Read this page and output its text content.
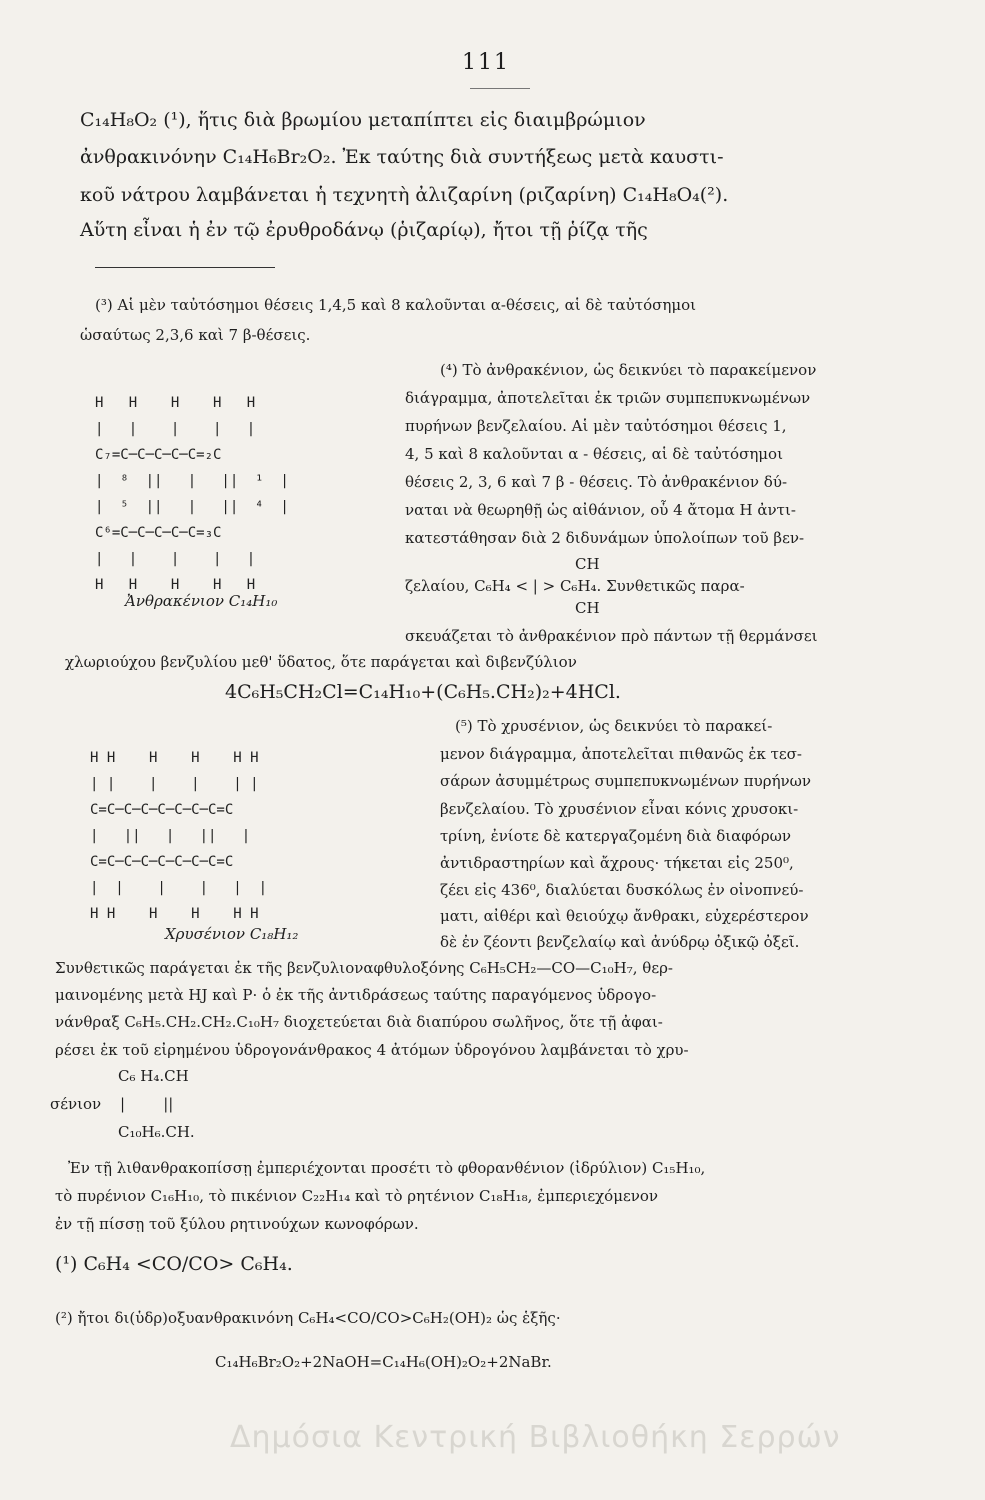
111
C₁₄H₈O₂ (¹), ἥτις διὰ βρωμίου μεταπίπτει εἰς διαιμβρώμιον
ἀνθρακινόνην C₁₄H₆Br₂O₂. Ἐκ ταύτης διὰ συντήξεως μετὰ καυστι-
κοῦ νάτρου λαμβάνεται ἡ τεχνητὴ ἀλιζαρίνη (ριζαρίνη) C₁₄H₈O₄(²).
Αὕτη εἶναι ἡ ἐν τῷ ἐρυθροδάνῳ (ῥιζαρίῳ), ἤτοι τῇ ῥίζᾳ τῆς
(³) Αἱ μὲν ταὐτόσημοι θέσεις 1,4,5 καὶ 8 καλοῦνται α-θέσεις, αἱ δὲ ταὐτόσημοι
ὡσαύτως 2,3,6 καὶ 7 β-θέσεις.
H   H    H    H   H
|   |    |    |   |
C₇=C─C─C─C─C=₂C
|  ⁸  ||   |   ||  ¹  |
|  ⁵  ||   |   ||  ⁴  |
C⁶=C─C─C─C─C=₃C
|   |    |    |   |
H   H    H    H   H
Ἀνθρακένιον C₁₄H₁₀
(⁴) Τὸ ἀνθρακένιον, ὡς δεικνύει τὸ παρακείμενον
διάγραμμα, ἀποτελεῖται ἐκ τριῶν συμπεπυκνωμένων
πυρήνων βενζελαίου. Αἱ μὲν ταὐτόσημοι θέσεις 1,
4, 5 καὶ 8 καλοῦνται α - θέσεις, αἱ δὲ ταὐτόσημοι
θέσεις 2, 3, 6 καὶ 7 β - θέσεις. Τὸ ἀνθρακένιον δύ-
ναται νὰ θεωρηθῇ ὡς αἰθάνιον, οὗ 4 ἄτομα H ἀντι-
κατεστάθησαν διὰ 2 διδυνάμων ὑπολοίπων τοῦ βεν-
CH
ζελαίου, C₆H₄ < | > C₆H₄. Συνθετικῶς παρα-
CH
σκευάζεται τὸ ἀνθρακένιον πρὸ πάντων τῇ θερμάνσει
χλωριούχου βενζυλίου μεθ' ὕδατος, ὅτε παράγεται καὶ διβενζύλιον
4C₆H₅CH₂Cl=C₁₄H₁₀+(C₆H₅.CH₂)₂+4HCl.
H H    H    H    H H
| |    |    |    | |
C=C─C─C─C─C─C─C=C
|   ||   |   ||   |
C=C─C─C─C─C─C─C=C
|  |    |    |   |  |
H H    H    H    H H
Χρυσένιον C₁₈H₁₂
(⁵) Τὸ χρυσένιον, ὡς δεικνύει τὸ παρακεί-
μενον διάγραμμα, ἀποτελεῖται πιθανῶς ἐκ τεσ-
σάρων ἀσυμμέτρως συμπεπυκνωμένων πυρήνων
βενζελαίου. Τὸ χρυσένιον εἶναι κόνις χρυσοκι-
τρίνη, ἐνίοτε δὲ κατεργαζομένη διὰ διαφόρων
ἀντιδραστηρίων καὶ ἄχρους· τήκεται εἰς 250⁰,
ζέει εἰς 436⁰, διαλύεται δυσκόλως ἐν οἰνοπνεύ-
ματι, αἰθέρι καὶ θειούχῳ ἄνθρακι, εὐχερέστερον
δὲ ἐν ζέοντι βενζελαίῳ καὶ ἀνύδρῳ ὀξικῷ ὀξεῖ.
Συνθετικῶς παράγεται ἐκ τῆς βενζυλιοναφθυλοξόνης C₆H₅CH₂—CO—C₁₀H₇, θερ-
μαινομένης μετὰ HJ καὶ P· ὁ ἐκ τῆς ἀντιδράσεως ταύτης παραγόμενος ὑδρογο-
νάνθραξ C₆H₅.CH₂.CH₂.C₁₀H₇ διοχετεύεται διὰ διαπύρου σωλῆνος, ὅτε τῇ ἀφαι-
ρέσει ἐκ τοῦ εἰρημένου ὑδρογονάνθρακος 4 ἀτόμων ὑδρογόνου λαμβάνεται τὸ χρυ-
C₆ H₄.CH
σένιον |        ||
C₁₀H₆.CH.
Ἐν τῇ λιθανθρακοπίσσῃ ἐμπεριέχονται προσέτι τὸ φθορανθένιον (ἰδρύλιον) C₁₅H₁₀,
τὸ πυρένιον C₁₆H₁₀, τὸ πικένιον C₂₂H₁₄ καὶ τὸ ρητένιον C₁₈H₁₈, ἐμπεριεχόμενον
ἐν τῇ πίσσῃ τοῦ ξύλου ρητινούχων κωνοφόρων.
(¹) C₆H₄ <CO/CO> C₆H₄.
(²) ἤτοι δι(ὑδρ)οξυανθρακινόνη C₆H₄<CO/CO>C₆H₂(OH)₂ ὡς ἑξῆς·
C₁₄H₆Br₂O₂+2NaOH=C₁₄H₆(OH)₂O₂+2NaBr.
Δημόσια Κεντρική Βιβλιοθήκη Σερρών
